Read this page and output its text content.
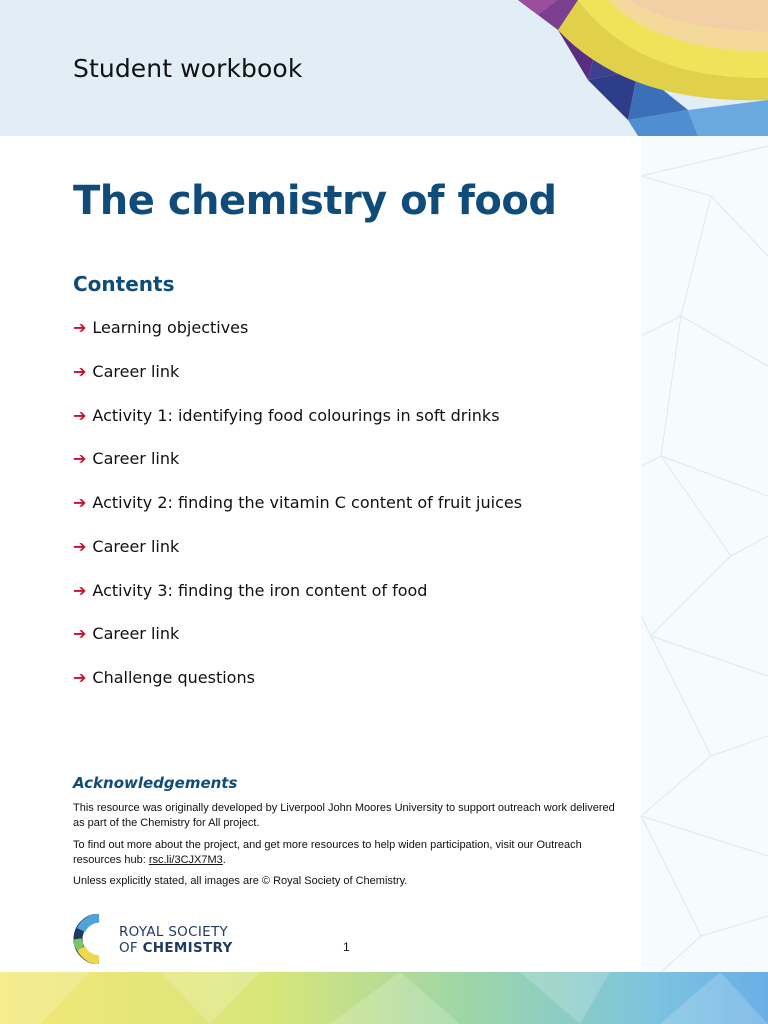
Student workbook
The chemistry of food
Contents
➔ Learning objectives
➔ Career link
➔ Activity 1: identifying food colourings in soft drinks
➔ Career link
➔ Activity 2: finding the vitamin C content of fruit juices
➔ Career link
➔ Activity 3: finding the iron content of food
➔ Career link
➔ Challenge questions
Acknowledgements

This resource was originally developed by Liverpool John Moores University to support outreach work delivered as part of the Chemistry for All project.

To find out more about the project, and get more resources to help widen participation, visit our Outreach resources hub: rsc.li/3CJX7M3.

Unless explicitly stated, all images are © Royal Society of Chemistry.

ROYAL SOCIETY
OF CHEMISTRY	1
